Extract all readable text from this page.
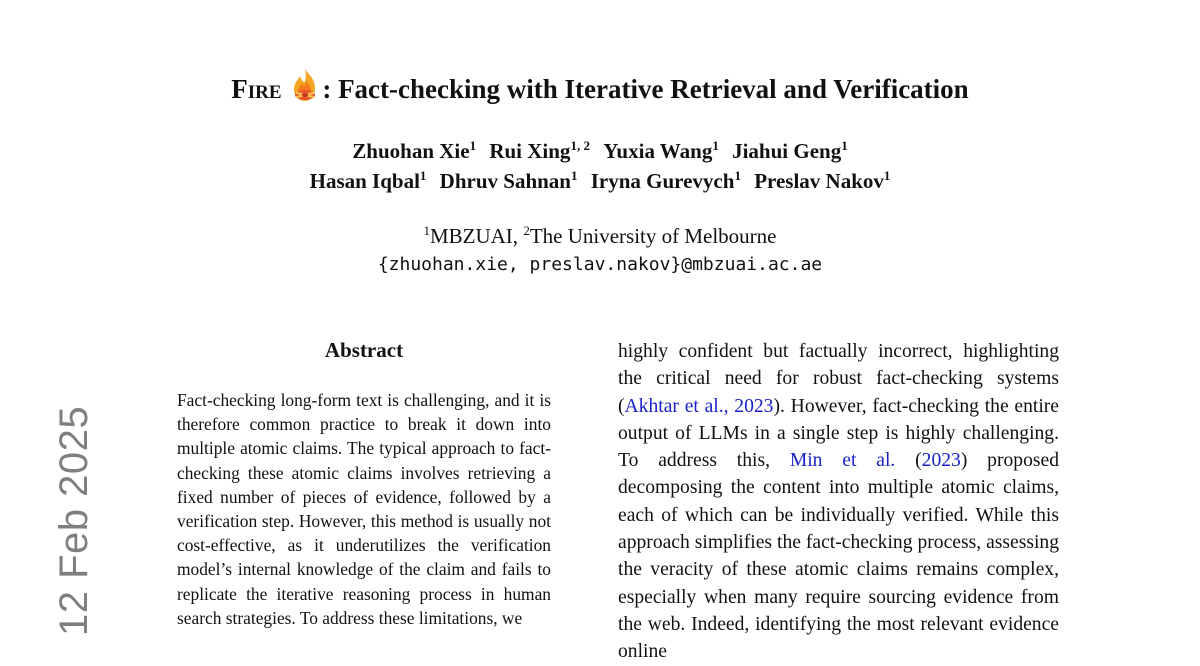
12 Feb 2025
Fire : Fact-checking with Iterative Retrieval and Verification
Zhuohan Xie$^1$ Rui Xing$^{1, 2}$ Yuxia Wang$^1$ Jiahui Geng$^1$
Hasan Iqbal$^1$ Dhruv Sahnan$^1$ Iryna Gurevych$^1$ Preslav Nakov$^1$
$^1$MBZUAI, $^2$The University of Melbourne
{zhuohan.xie, preslav.nakov}@mbzuai.ac.ae
Abstract
Fact-checking long-form text is challenging, and it is therefore common practice to break it down into multiple atomic claims. The typical approach to fact-checking these atomic claims involves retrieving a fixed number of pieces of evidence, followed by a verification step. However, this method is usually not cost-effective, as it underutilizes the verification model’s internal knowledge of the claim and fails to replicate the iterative reasoning process in human search strategies. To address these limitations, we
highly confident but factually incorrect, highlighting the critical need for robust fact-checking systems (Akhtar et al., 2023). However, fact-checking the entire output of LLMs in a single step is highly challenging. To address this, Min et al. (2023) proposed decomposing the content into multiple atomic claims, each of which can be individually verified. While this approach simplifies the fact-checking process, assessing the veracity of these atomic claims remains complex, especially when many require sourcing evidence from the web. Indeed, identifying the most relevant evidence online
